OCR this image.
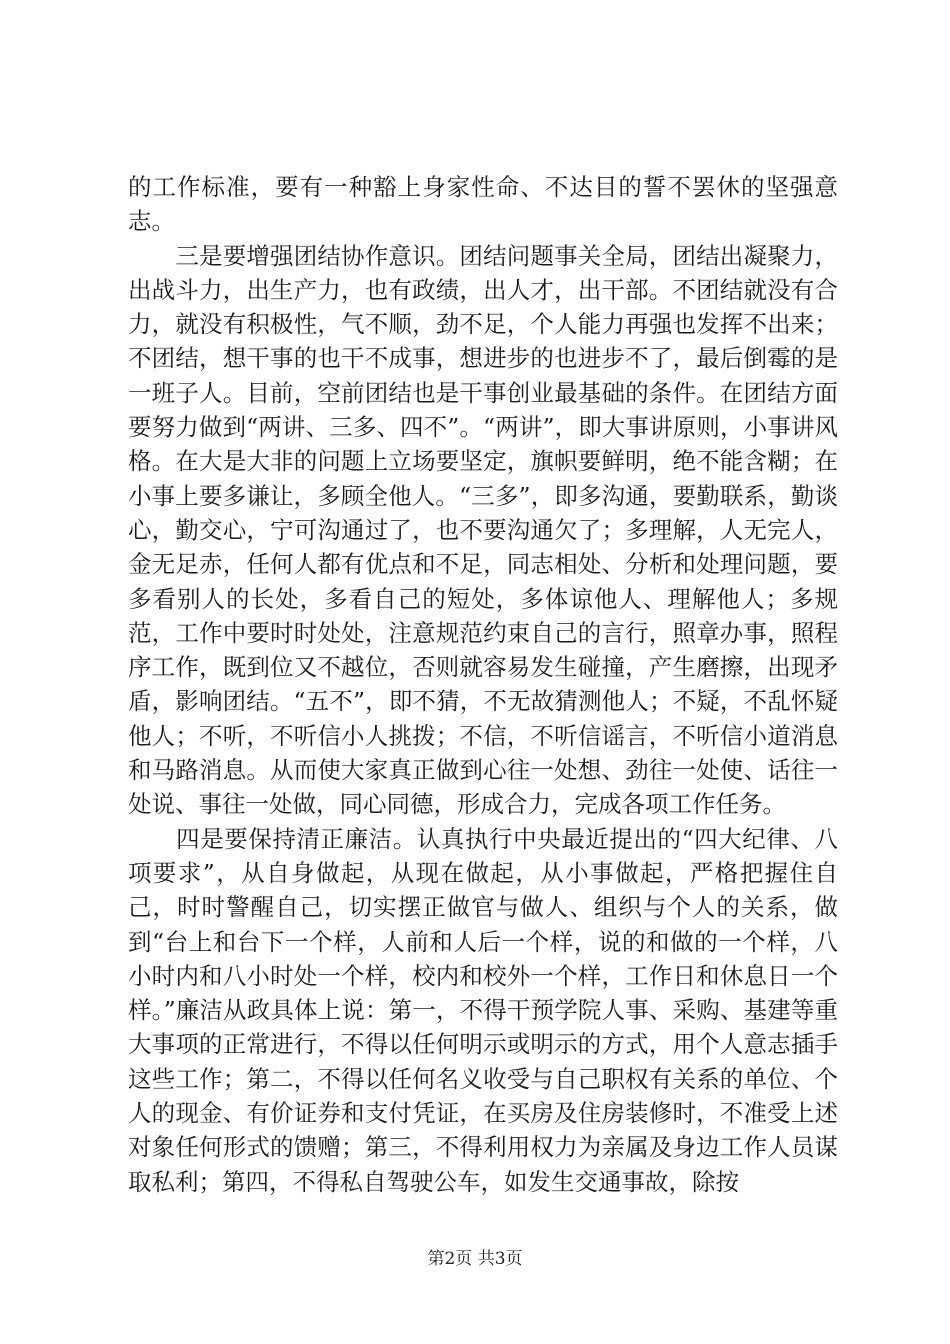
的工作标准，要有一种豁上身家性命、不达目的誓不罢休的坚强意志。

　　三是要增强团结协作意识。团结问题事关全局，团结出凝聚力，出战斗力，出生产力，也有政绩，出人才，出干部。不团结就没有合力，就没有积极性，气不顺，劲不足，个人能力再强也发挥不出来；不团结，想干事的也干不成事，想进步的也进步不了，最后倒霉的是一班子人。目前，空前团结也是干事创业最基础的条件。在团结方面要努力做到“两讲、三多、四不”。“两讲”，即大事讲原则，小事讲风格。在大是大非的问题上立场要坚定，旗帜要鲜明，绝不能含糊；在小事上要多谦让，多顾全他人。“三多”，即多沟通，要勤联系，勤谈心，勤交心，宁可沟通过了，也不要沟通欠了；多理解，人无完人，金无足赤，任何人都有优点和不足，同志相处、分析和处理问题，要多看别人的长处，多看自己的短处，多体谅他人、理解他人；多规范，工作中要时时处处，注意规范约束自己的言行，照章办事，照程序工作，既到位又不越位，否则就容易发生碰撞，产生磨擦，出现矛盾，影响团结。“五不”，即不猜，不无故猜测他人；不疑，不乱怀疑他人；不听，不听信小人挑拨；不信，不听信谣言，不听信小道消息和马路消息。从而使大家真正做到心往一处想、劲往一处使、话往一处说、事往一处做，同心同德，形成合力，完成各项工作任务。

　　四是要保持清正廉洁。认真执行中央最近提出的“四大纪律、八项要求”，从自身做起，从现在做起，从小事做起，严格把握住自己，时时警醒自己，切实摆正做官与做人、组织与个人的关系，做到“台上和台下一个样，人前和人后一个样，说的和做的一个样，八小时内和八小时处一个样，校内和校外一个样，工作日和休息日一个样。”廉洁从政具体上说：第一，不得干预学院人事、采购、基建等重大事项的正常进行，不得以任何明示或明示的方式，用个人意志插手这些工作；第二，不得以任何名义收受与自己职权有关系的单位、个人的现金、有价证券和支付凭证，在买房及住房装修时，不准受上述对象任何形式的馈赠；第三，不得利用权力为亲属及身边工作人员谋取私利；第四，不得私自驾驶公车，如发生交通事故，除按

第2页 共3页
